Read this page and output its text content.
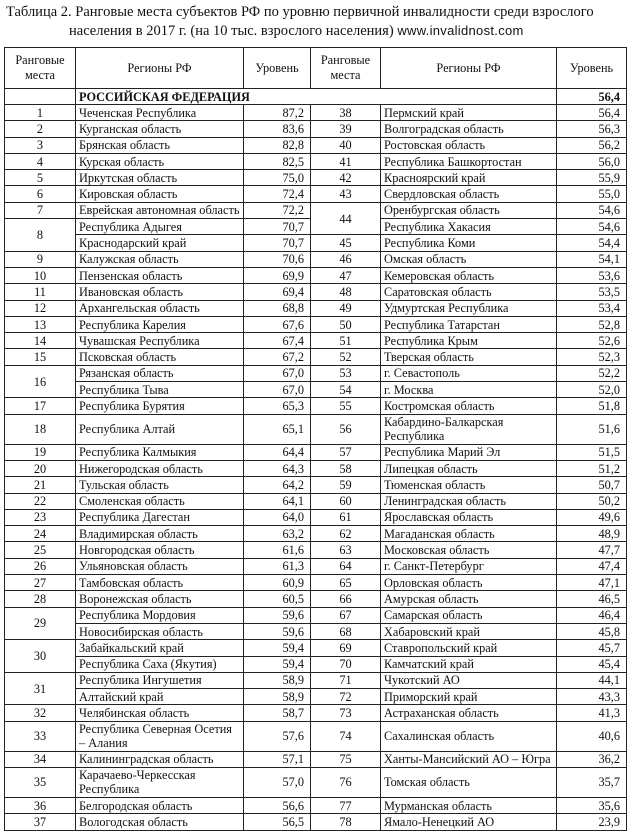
Таблица 2. Ранговые места субъектов РФ по уровню первичной инвалидности среди взрослого
населения в 2017 г. (на 10 тыс. взрослого населения) www.invalidnost.com
Ранговые места	Регионы РФ	Уровень	Ранговые места	Регионы РФ	Уровень
	РОССИЙСКАЯ ФЕДЕРАЦИЯ				56,4
1	Чеченская Республика	87,2	38	Пермский край	56,4
2	Курганская область	83,6	39	Волгоградская область	56,3
3	Брянская область	82,8	40	Ростовская область	56,2
4	Курская область	82,5	41	Республика Башкортостан	56,0
5	Иркутская область	75,0	42	Красноярский край	55,9
6	Кировская область	72,4	43	Свердловская область	55,0
7	Еврейская автономная область	72,2	44	Оренбургская область	54,6
8	Республика Адыгея	70,7		Республика Хакасия	54,6
	Краснодарский край	70,7	45	Республика Коми	54,4
9	Калужская область	70,6	46	Омская область	54,1
10	Пензенская область	69,9	47	Кемеровская область	53,6
11	Ивановская область	69,4	48	Саратовская область	53,5
12	Архангельская область	68,8	49	Удмуртская Республика	53,4
13	Республика Карелия	67,6	50	Республика Татарстан	52,8
14	Чувашская Республика	67,4	51	Республика Крым	52,6
15	Псковская область	67,2	52	Тверская область	52,3
16	Рязанская область	67,0	53	г. Севастополь	52,2
	Республика Тыва	67,0	54	г. Москва	52,0
17	Республика Бурятия	65,3	55	Костромская область	51,8
18	Республика Алтай	65,1	56	Кабардино-Балкарская Республика	51,6
19	Республика Калмыкия	64,4	57	Республика Марий Эл	51,5
20	Нижегородская область	64,3	58	Липецкая область	51,2
21	Тульская область	64,2	59	Тюменская область	50,7
22	Смоленская область	64,1	60	Ленинградская область	50,2
23	Республика Дагестан	64,0	61	Ярославская область	49,6
24	Владимирская область	63,2	62	Магаданская область	48,9
25	Новгородская область	61,6	63	Московская область	47,7
26	Ульяновская область	61,3	64	г. Санкт-Петербург	47,4
27	Тамбовская область	60,9	65	Орловская область	47,1
28	Воронежская область	60,5	66	Амурская область	46,5
29	Республика Мордовия	59,6	67	Самарская область	46,4
	Новосибирская область	59,6	68	Хабаровский край	45,8
30	Забайкальский край	59,4	69	Ставропольский край	45,7
	Республика Саха (Якутия)	59,4	70	Камчатский край	45,4
31	Республика Ингушетия	58,9	71	Чукотский АО	44,1
	Алтайский край	58,9	72	Приморский край	43,3
32	Челябинская область	58,7	73	Астраханская область	41,3
33	Республика Северная Осетия – Алания	57,6	74	Сахалинская область	40,6
34	Калининградская область	57,1	75	Ханты-Мансийский АО – Югра	36,2
35	Карачаево-Черкесская Республика	57,0	76	Томская область	35,7
36	Белгородская область	56,6	77	Мурманская область	35,6
37	Вологодская область	56,5	78	Ямало-Ненецкий АО	23,9
